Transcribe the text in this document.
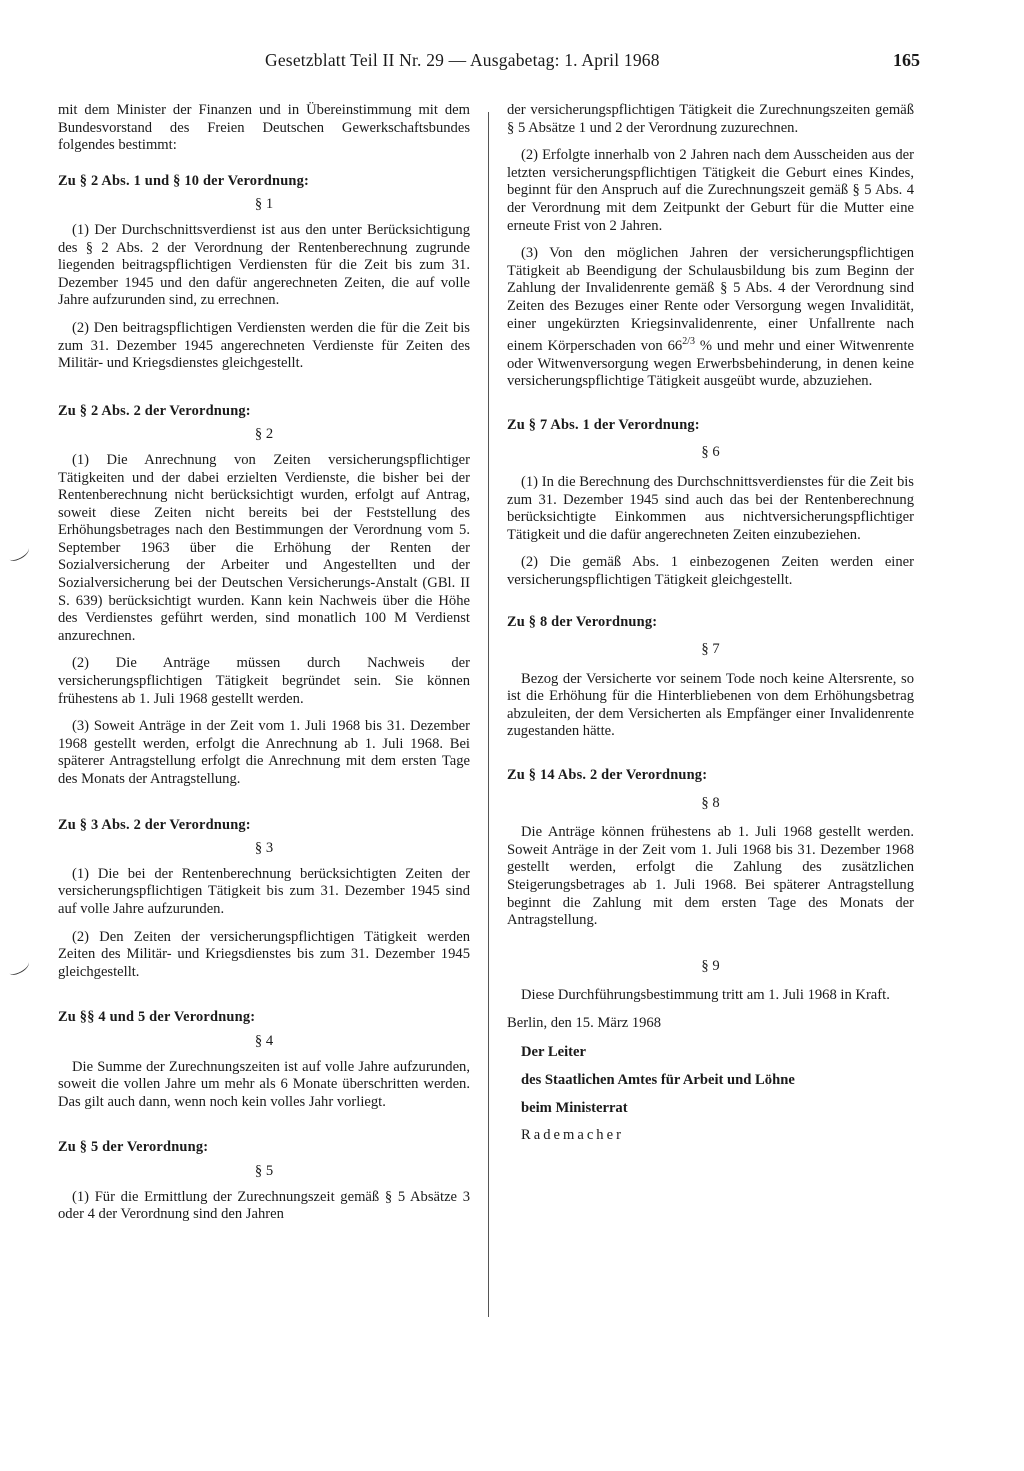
Gesetzblatt Teil II Nr. 29 — Ausgabetag: 1. April 1968	165

mit dem Minister der Finanzen und in Übereinstimmung mit dem Bundesvorstand des Freien Deutschen Gewerkschaftsbundes folgendes bestimmt:

Zu § 2 Abs. 1 und § 10 der Verordnung:
§ 1

(1) Der Durchschnittsverdienst ist aus den unter Berücksichtigung des § 2 Abs. 2 der Verordnung der Rentenberechnung zugrunde liegenden beitragspflichtigen Verdiensten für die Zeit bis zum 31. Dezember 1945 und den dafür angerechneten Zeiten, die auf volle Jahre aufzurunden sind, zu errechnen.

(2) Den beitragspflichtigen Verdiensten werden die für die Zeit bis zum 31. Dezember 1945 angerechneten Verdienste für Zeiten des Militär- und Kriegsdienstes gleichgestellt.

Zu § 2 Abs. 2 der Verordnung:
§ 2

(1) Die Anrechnung von Zeiten versicherungspflichtiger Tätigkeiten und der dabei erzielten Verdienste, die bisher bei der Rentenberechnung nicht berücksichtigt wurden, erfolgt auf Antrag, soweit diese Zeiten nicht bereits bei der Feststellung des Erhöhungsbetrages nach den Bestimmungen der Verordnung vom 5. September 1963 über die Erhöhung der Renten der Sozialversicherung der Arbeiter und Angestellten und der Sozialversicherung bei der Deutschen Versicherungs-Anstalt (GBl. II S. 639) berücksichtigt wurden. Kann kein Nachweis über die Höhe des Verdienstes geführt werden, sind monatlich 100 M Verdienst anzurechnen.

(2) Die Anträge müssen durch Nachweis der versicherungspflichtigen Tätigkeit begründet sein. Sie können frühestens ab 1. Juli 1968 gestellt werden.

(3) Soweit Anträge in der Zeit vom 1. Juli 1968 bis 31. Dezember 1968 gestellt werden, erfolgt die Anrechnung ab 1. Juli 1968. Bei späterer Antragstellung erfolgt die Anrechnung mit dem ersten Tage des Monats der Antragstellung.

Zu § 3 Abs. 2 der Verordnung:
§ 3

(1) Die bei der Rentenberechnung berücksichtigten Zeiten der versicherungspflichtigen Tätigkeit bis zum 31. Dezember 1945 sind auf volle Jahre aufzurunden.

(2) Den Zeiten der versicherungspflichtigen Tätigkeit werden Zeiten des Militär- und Kriegsdienstes bis zum 31. Dezember 1945 gleichgestellt.

Zu §§ 4 und 5 der Verordnung:
§ 4

Die Summe der Zurechnungszeiten ist auf volle Jahre aufzurunden, soweit die vollen Jahre um mehr als 6 Monate überschritten werden. Das gilt auch dann, wenn noch kein volles Jahr vorliegt.

Zu § 5 der Verordnung:
§ 5

(1) Für die Ermittlung der Zurechnungszeit gemäß § 5 Absätze 3 oder 4 der Verordnung sind den Jahren

der versicherungspflichtigen Tätigkeit die Zurechnungszeiten gemäß § 5 Absätze 1 und 2 der Verordnung zuzurechnen.

(2) Erfolgte innerhalb von 2 Jahren nach dem Ausscheiden aus der letzten versicherungspflichtigen Tätigkeit die Geburt eines Kindes, beginnt für den Anspruch auf die Zurechnungszeit gemäß § 5 Abs. 4 der Verordnung mit dem Zeitpunkt der Geburt für die Mutter eine erneute Frist von 2 Jahren.

(3) Von den möglichen Jahren der versicherungspflichtigen Tätigkeit ab Beendigung der Schulausbildung bis zum Beginn der Zahlung der Invalidenrente gemäß § 5 Abs. 4 der Verordnung sind Zeiten des Bezuges einer Rente oder Versorgung wegen Invalidität, einer ungekürzten Kriegsinvalidenrente, einer Unfallrente nach einem Körperschaden von $66^{2/3}$ % und mehr und einer Witwenrente oder Witwenversorgung wegen Erwerbsbehinderung, in denen keine versicherungspflichtige Tätigkeit ausgeübt wurde, abzuziehen.

Zu § 7 Abs. 1 der Verordnung:
§ 6

(1) In die Berechnung des Durchschnittsverdienstes für die Zeit bis zum 31. Dezember 1945 sind auch das bei der Rentenberechnung berücksichtigte Einkommen aus nichtversicherungspflichtiger Tätigkeit und die dafür angerechneten Zeiten einzubeziehen.

(2) Die gemäß Abs. 1 einbezogenen Zeiten werden einer versicherungspflichtigen Tätigkeit gleichgestellt.

Zu § 8 der Verordnung:
§ 7

Bezog der Versicherte vor seinem Tode noch keine Altersrente, so ist die Erhöhung für die Hinterbliebenen von dem Erhöhungsbetrag abzuleiten, der dem Versicherten als Empfänger einer Invalidenrente zugestanden hätte.

Zu § 14 Abs. 2 der Verordnung:
§ 8

Die Anträge können frühestens ab 1. Juli 1968 gestellt werden. Soweit Anträge in der Zeit vom 1. Juli 1968 bis 31. Dezember 1968 gestellt werden, erfolgt die Zahlung des zusätzlichen Steigerungsbetrages ab 1. Juli 1968. Bei späterer Antragstellung beginnt die Zahlung mit dem ersten Tage des Monats der Antragstellung.

§ 9

Diese Durchführungsbestimmung tritt am 1. Juli 1968 in Kraft.

Berlin, den 15. März 1968

Der Leiter

des Staatlichen Amtes für Arbeit und Löhne

beim Ministerrat

Rademacher
